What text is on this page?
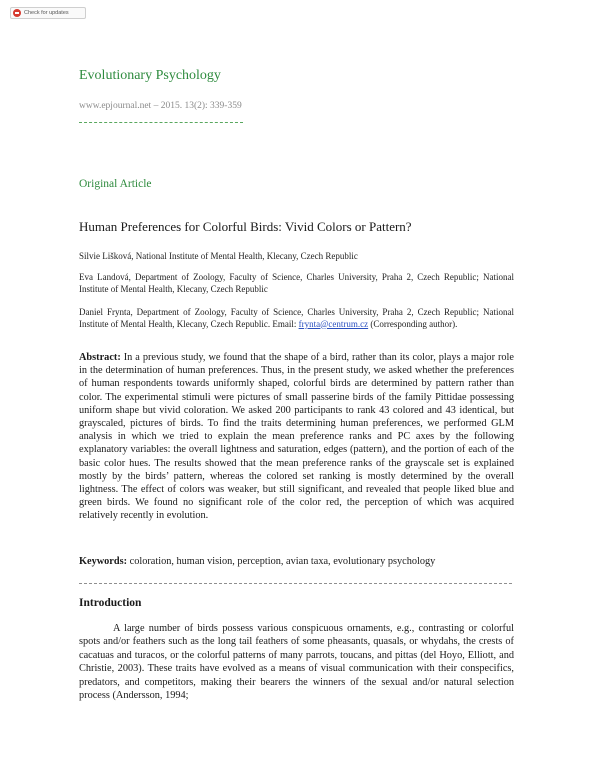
Check for updates
Evolutionary Psychology
www.epjournal.net – 2015. 13(2): 339-359
Original Article
Human Preferences for Colorful Birds: Vivid Colors or Pattern?
Silvie Lišková, National Institute of Mental Health, Klecany, Czech Republic
Eva Landová, Department of Zoology, Faculty of Science, Charles University, Praha 2, Czech Republic; National Institute of Mental Health, Klecany, Czech Republic
Daniel Frynta, Department of Zoology, Faculty of Science, Charles University, Praha 2, Czech Republic; National Institute of Mental Health, Klecany, Czech Republic. Email: frynta@centrum.cz (Corresponding author).
Abstract: In a previous study, we found that the shape of a bird, rather than its color, plays a major role in the determination of human preferences. Thus, in the present study, we asked whether the preferences of human respondents towards uniformly shaped, colorful birds are determined by pattern rather than color. The experimental stimuli were pictures of small passerine birds of the family Pittidae possessing uniform shape but vivid coloration. We asked 200 participants to rank 43 colored and 43 identical, but grayscaled, pictures of birds. To find the traits determining human preferences, we performed GLM analysis in which we tried to explain the mean preference ranks and PC axes by the following explanatory variables: the overall lightness and saturation, edges (pattern), and the portion of each of the basic color hues. The results showed that the mean preference ranks of the grayscale set is explained mostly by the birds’ pattern, whereas the colored set ranking is mostly determined by the overall lightness. The effect of colors was weaker, but still significant, and revealed that people liked blue and green birds. We found no significant role of the color red, the perception of which was acquired relatively recently in evolution.
Keywords: coloration, human vision, perception, avian taxa, evolutionary psychology
Introduction

A large number of birds possess various conspicuous ornaments, e.g., contrasting or colorful spots and/or feathers such as the long tail feathers of some pheasants, quasals, or whydahs, the crests of cacatuas and turacos, or the colorful patterns of many parrots, toucans, and pittas (del Hoyo, Elliott, and Christie, 2003). These traits have evolved as a means of visual communication with their conspecifics, predators, and competitors, making their bearers the winners of the sexual and/or natural selection process (Andersson, 1994;
